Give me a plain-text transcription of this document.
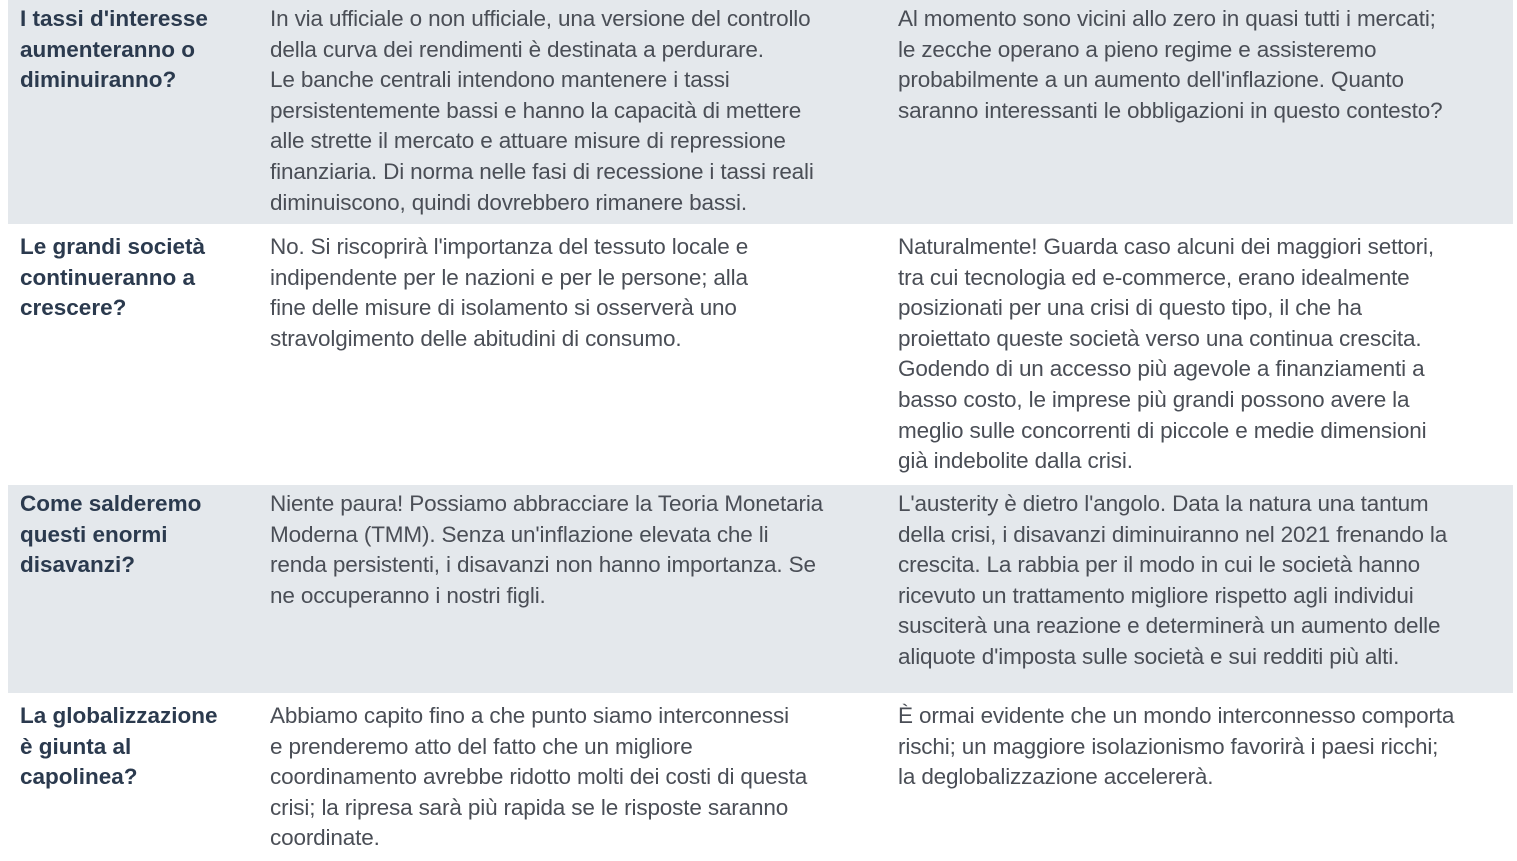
I tassi d'interesse
aumenteranno o
diminuiranno?
In via ufficiale o non ufficiale, una versione del controllo
della curva dei rendimenti è destinata a perdurare.
Le banche centrali intendono mantenere i tassi
persistentemente bassi e hanno la capacità di mettere
alle strette il mercato e attuare misure di repressione
finanziaria. Di norma nelle fasi di recessione i tassi reali
diminuiscono, quindi dovrebbero rimanere bassi.
Al momento sono vicini allo zero in quasi tutti i mercati;
le zecche operano a pieno regime e assisteremo
probabilmente a un aumento dell'inflazione. Quanto
saranno interessanti le obbligazioni in questo contesto?
Le grandi società
continueranno a
crescere?
No. Si riscoprirà l'importanza del tessuto locale e
indipendente per le nazioni e per le persone; alla
fine delle misure di isolamento si osserverà uno
stravolgimento delle abitudini di consumo.
Naturalmente! Guarda caso alcuni dei maggiori settori,
tra cui tecnologia ed e-commerce, erano idealmente
posizionati per una crisi di questo tipo, il che ha
proiettato queste società verso una continua crescita.
Godendo di un accesso più agevole a finanziamenti a
basso costo, le imprese più grandi possono avere la
meglio sulle concorrenti di piccole e medie dimensioni
già indebolite dalla crisi.
Come salderemo
questi enormi
disavanzi?
Niente paura! Possiamo abbracciare la Teoria Monetaria
Moderna (TMM). Senza un'inflazione elevata che li
renda persistenti, i disavanzi non hanno importanza. Se
ne occuperanno i nostri figli.
L'austerity è dietro l'angolo. Data la natura una tantum
della crisi, i disavanzi diminuiranno nel 2021 frenando la
crescita. La rabbia per il modo in cui le società hanno
ricevuto un trattamento migliore rispetto agli individui
susciterà una reazione e determinerà un aumento delle
aliquote d'imposta sulle società e sui redditi più alti.
La globalizzazione
è giunta al
capolinea?
Abbiamo capito fino a che punto siamo interconnessi
e prenderemo atto del fatto che un migliore
coordinamento avrebbe ridotto molti dei costi di questa
crisi; la ripresa sarà più rapida se le risposte saranno
coordinate.
È ormai evidente che un mondo interconnesso comporta
rischi; un maggiore isolazionismo favorirà i paesi ricchi;
la deglobalizzazione accelererà.
